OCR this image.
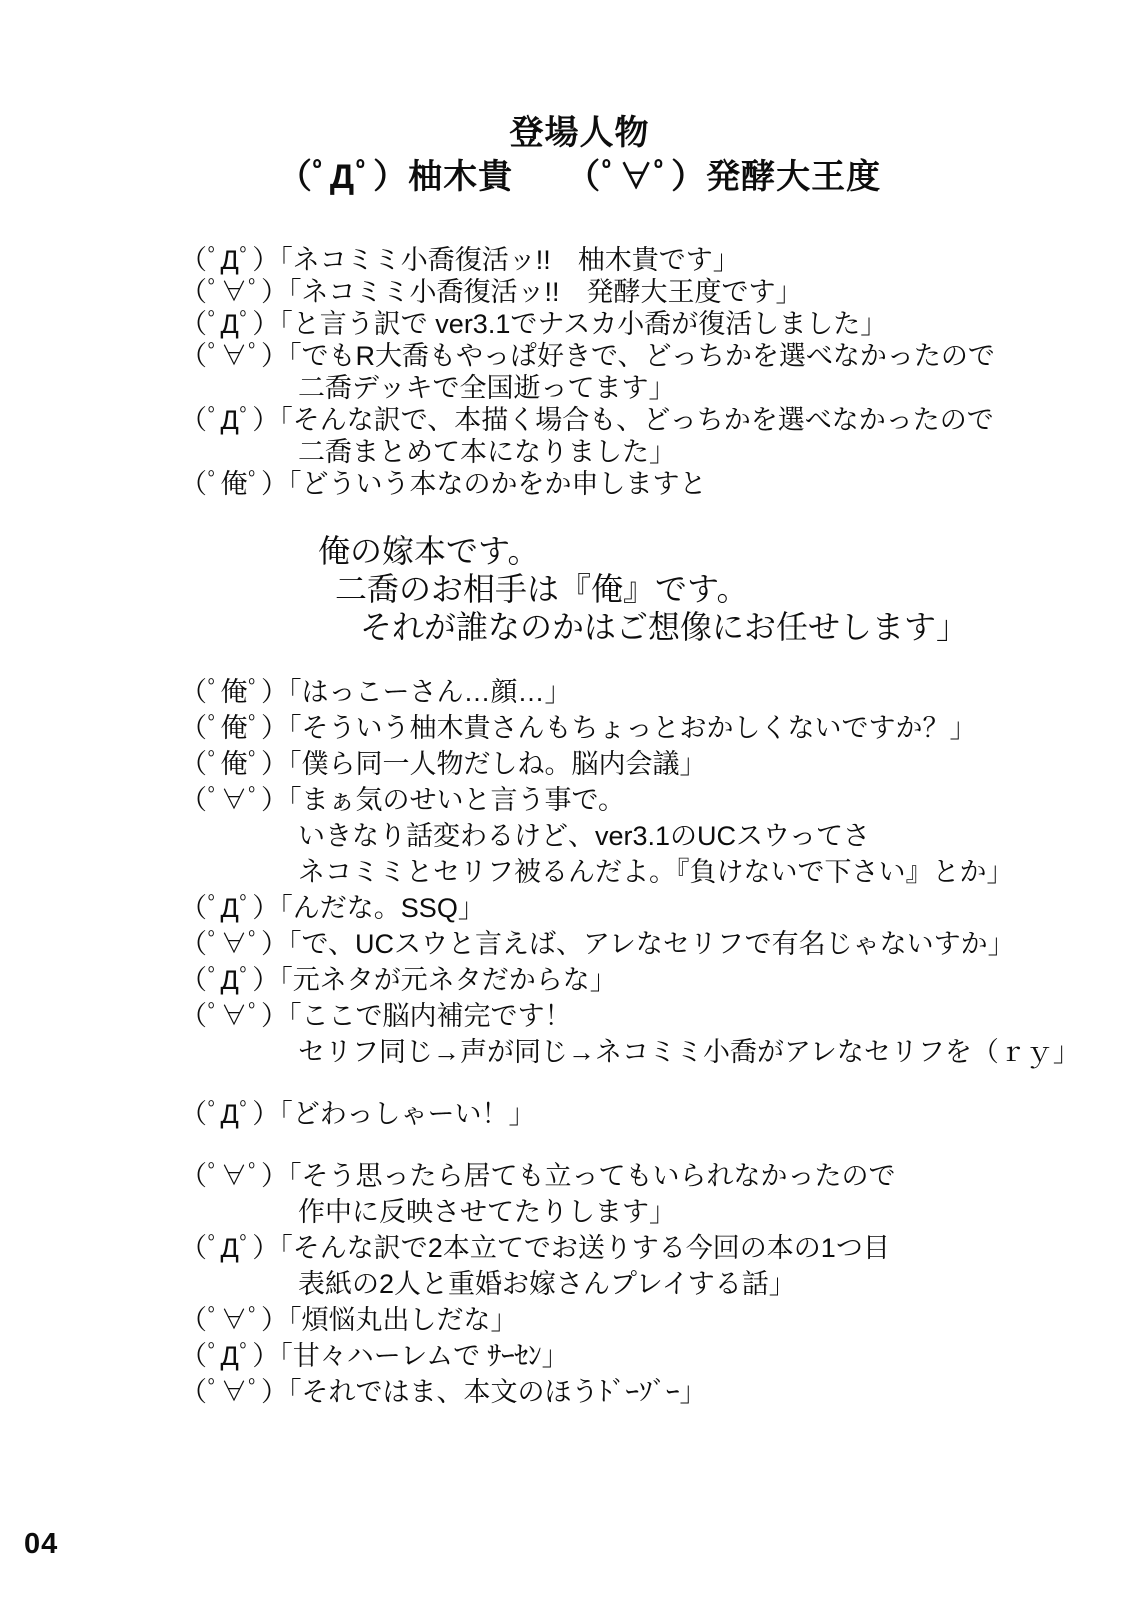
登場人物
（ﾟДﾟ）柚木貴　　（ﾟ∀ﾟ）発酵大王度
（ﾟДﾟ）「ネコミミ小喬復活ッ!!　柚木貴です」
（ﾟ∀ﾟ）「ネコミミ小喬復活ッ!!　発酵大王度です」
（ﾟДﾟ）「と言う訳で ver3.1でナスカ小喬が復活しました」
（ﾟ∀ﾟ）「でもR大喬もやっぱ好きで、どっちかを選べなかったので
二喬デッキで全国逝ってます」
（ﾟДﾟ）「そんな訳で、本描く場合も、どっちかを選べなかったので
二喬まとめて本になりました」
（ﾟ俺ﾟ）「どういう本なのかをか申しますと
俺の嫁本です。
二喬のお相手は『俺』です。
それが誰なのかはご想像にお任せします」
（ﾟ俺ﾟ）「はっこーさん…顔…」
（ﾟ俺ﾟ）「そういう柚木貴さんもちょっとおかしくないですか？」
（ﾟ俺ﾟ）「僕ら同一人物だしね。脳内会議」
（ﾟ∀ﾟ）「まぁ気のせいと言う事で。
いきなり話変わるけど、ver3.1のUCスウってさ
ネコミミとセリフ被るんだよ。『負けないで下さい』とか」
（ﾟДﾟ）「んだな。SSQ」
（ﾟ∀ﾟ）「で、UCスウと言えば、アレなセリフで有名じゃないすか」
（ﾟДﾟ）「元ネタが元ネタだからな」
（ﾟ∀ﾟ）「ここで脳内補完です！
セリフ同じ→声が同じ→ネコミミ小喬がアレなセリフを（ｒｙ」
（ﾟДﾟ）「どわっしゃーい！」
（ﾟ∀ﾟ）「そう思ったら居ても立ってもいられなかったので
作中に反映させてたりします」
（ﾟДﾟ）「そんな訳で2本立てでお送りする今回の本の1つ目
表紙の2人と重婚お嫁さんプレイする話」
（ﾟ∀ﾟ）「煩悩丸出しだな」
（ﾟДﾟ）「甘々ハーレムで ｻｰｾﾝ」
（ﾟ∀ﾟ）「それではま、本文のほうﾄﾞｰｿﾞｰ」
04
